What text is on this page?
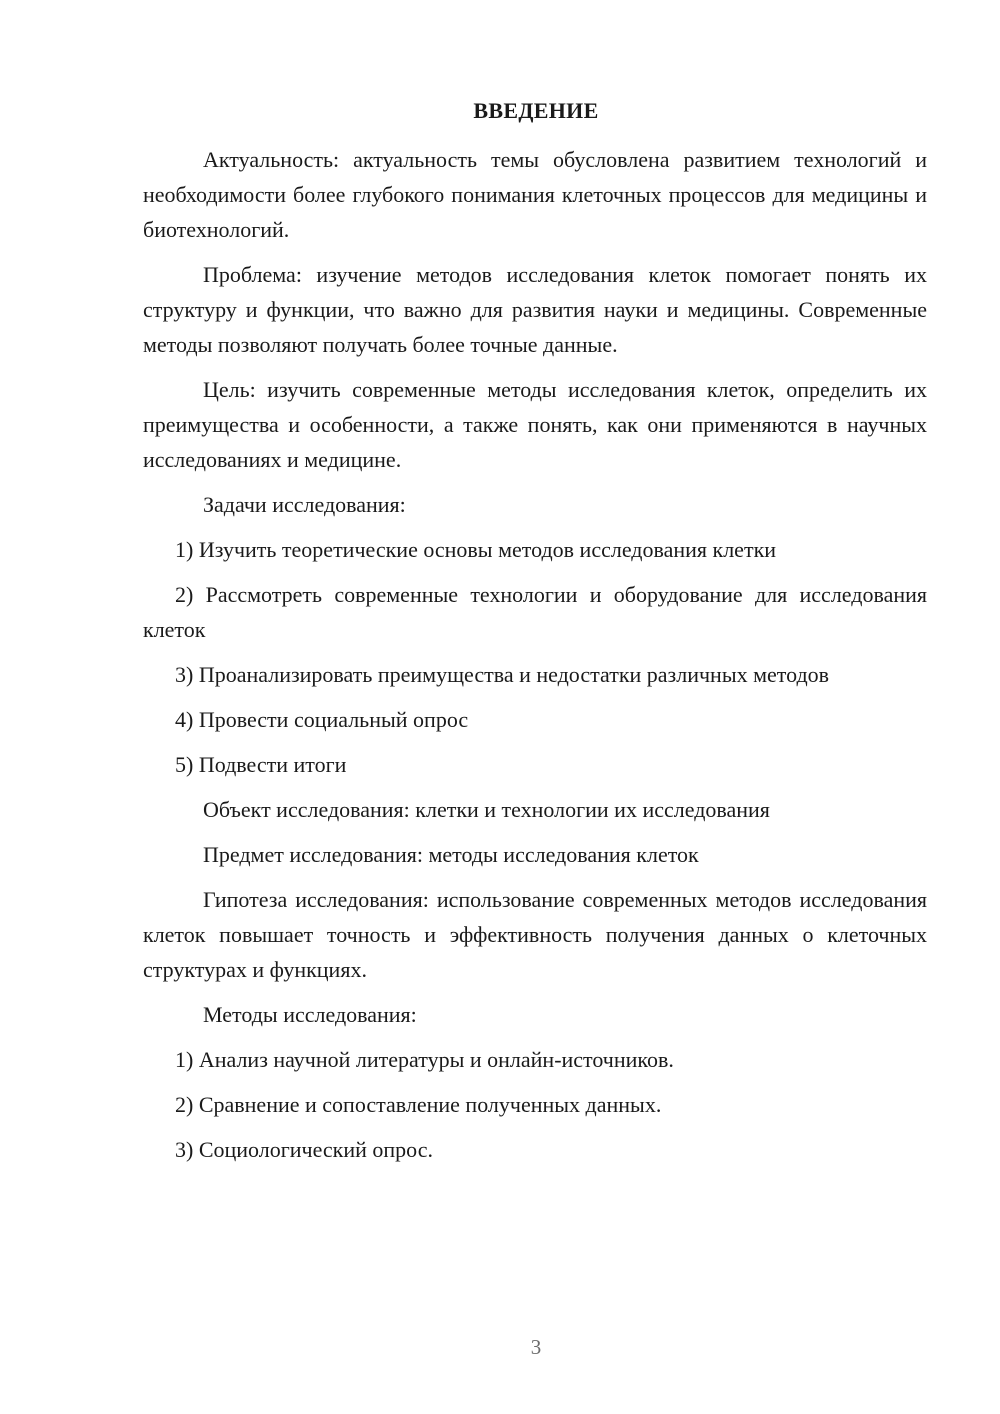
ВВЕДЕНИЕ

Актуальность: актуальность темы обусловлена развитием технологий и необходимости более глубокого понимания клеточных процессов для медицины и биотехнологий.

Проблема: изучение методов исследования клеток помогает понять их структуру и функции, что важно для развития науки и медицины. Современные методы позволяют получать более точные данные.

Цель: изучить современные методы исследования клеток, определить их преимущества и особенности, а также понять, как они применяются в научных исследованиях и медицине.

Задачи исследования:

1) Изучить теоретические основы методов исследования клетки

2) Рассмотреть современные технологии и оборудование для исследования клеток

3) Проанализировать преимущества и недостатки различных методов

4) Провести социальный опрос

5) Подвести итоги

Объект исследования: клетки и технологии их исследования

Предмет исследования: методы исследования клеток

Гипотеза исследования: использование современных методов исследования клеток повышает точность и эффективность получения данных о клеточных структурах и функциях.

Методы исследования:

1) Анализ научной литературы и онлайн-источников.

2) Сравнение и сопоставление полученных данных.

3) Социологический опрос.

3
